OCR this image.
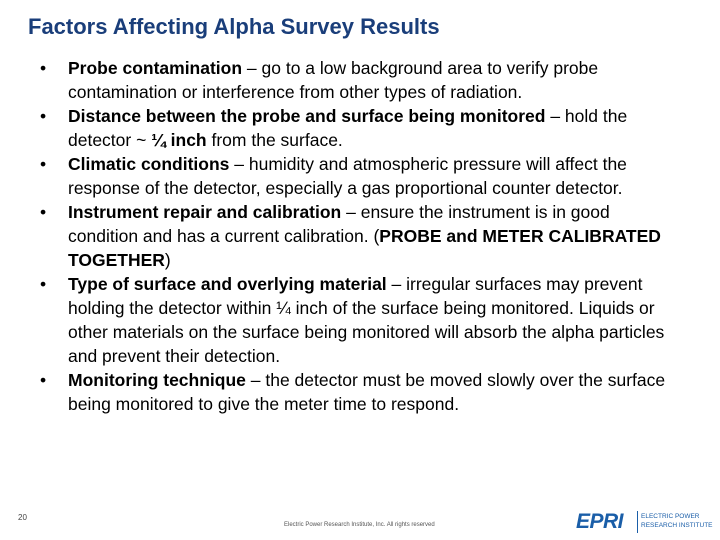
Factors Affecting Alpha Survey Results
• Probe contamination – go to a low background area to verify probe contamination or interference from other types of radiation.
• Distance between the probe and surface being monitored – hold the detector ~ ¼ inch from the surface.
• Climatic conditions – humidity and atmospheric pressure will affect the response of the detector, especially a gas proportional counter detector.
• Instrument repair and calibration – ensure the instrument is in good condition and has a current calibration. (PROBE and METER CALIBRATED TOGETHER)
• Type of surface and overlying material – irregular surfaces may prevent holding the detector within ¼ inch of the surface being monitored. Liquids or other materials on the surface being monitored will absorb the alpha particles and prevent their detection.
• Monitoring technique – the detector must be moved slowly over the surface being monitored to give the meter time to respond.
20
Electric Power Research Institute, Inc. All rights reserved	EPRI	ELECTRIC POWER
RESEARCH INSTITUTE
